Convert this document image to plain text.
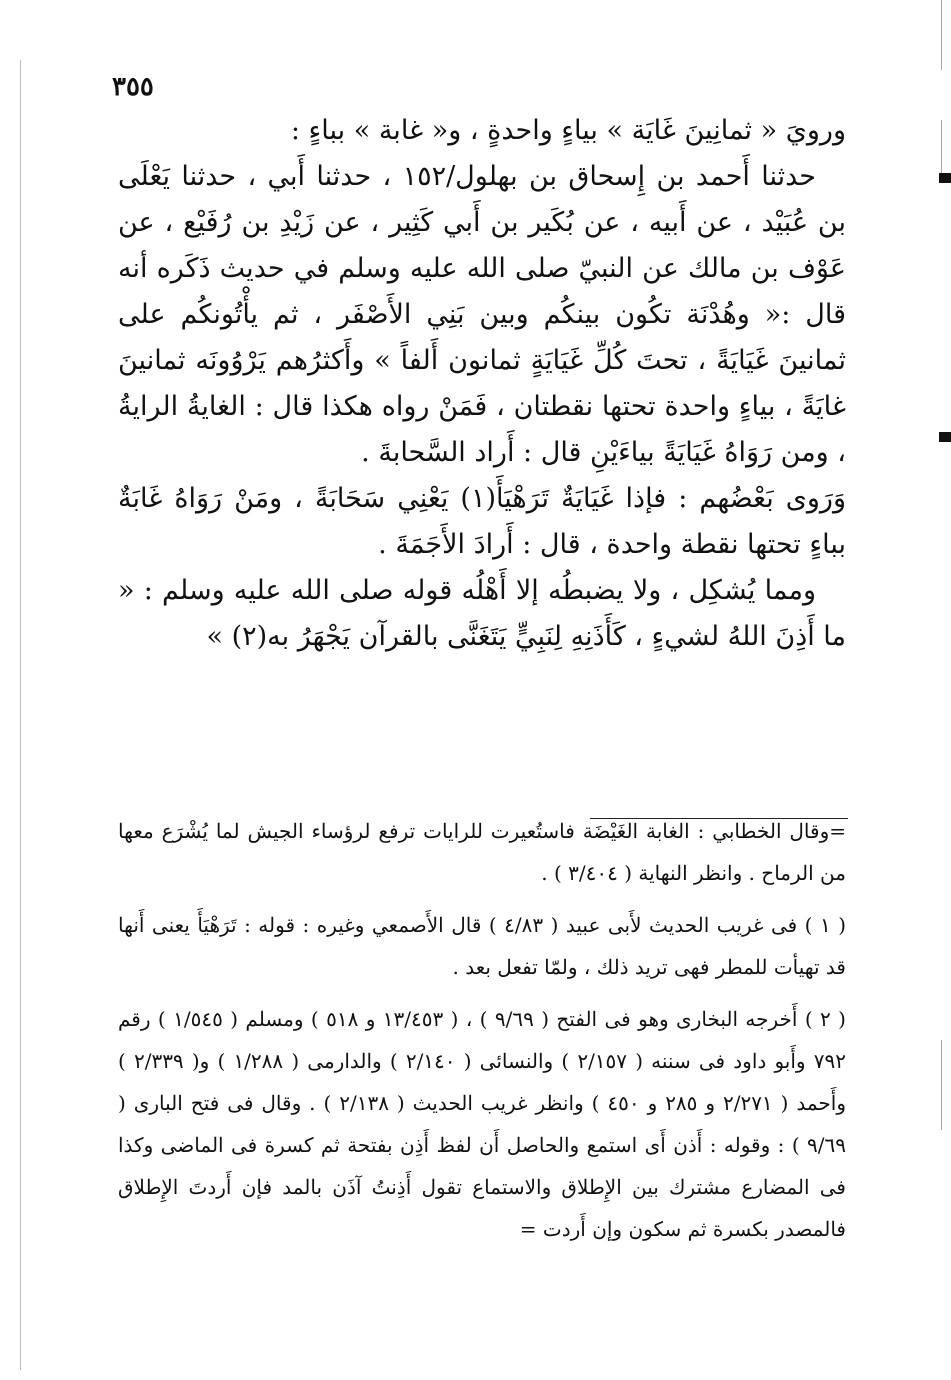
٣٥٥

ورويَ « ثمانِينَ غَايَة » بياءٍ واحدةٍ ، و« غابة » بباءٍ :

حدثنا أَحمد بن إِسحاق بن بهلول/١٥٢ ، حدثنا أَبي ، حدثنا يَعْلَى بن عُبَيْد ، عن أَبيه ، عن بُكَير بن أَبي كَثِير ، عن زَيْدِ بن رُفَيْع ، عن عَوْف بن مالك عن النبيّ صلى الله عليه وسلم في حديث ذَكَره أنه قال :« وهُدْنَة تكُون بينكُم وبين بَنِي الأَصْفَر ، ثم يأْتُونكُم على ثمانينَ غَيَايَةً ، تحتَ كُلِّ غَيَايَةٍ ثمانون أَلفاً » وأَكثرُهم يَرْوُونَه ثمانينَ غايَةً ، بياءٍ واحدة تحتها نقطتان ، فَمَنْ رواه هكذا قال : الغايةُ الرايةُ ، ومن رَوَاهُ غَيَايَةً بياءَيْنِ قال : أَراد السَّحابةَ .

وَرَوى بَعْضُهم : فإذا غَيَايَةٌ تَرَهْيَأَ(١) يَعْنِي سَحَابَةً ، ومَنْ رَوَاهُ غَابَةٌ بباءٍ تحتها نقطة واحدة ، قال : أَرادَ الأَجَمَةَ .

ومما يُشكِل ، ولا يضبطُه إلا أَهْلُه قوله صلى الله عليه وسلم : « ما أَذِنَ اللهُ لشيءٍ ، كَأَذَنِهِ لِنَبِيٍّ يَتَغَنَّى بالقرآن يَجْهَرُ به(٢) »

=وقال الخطابي : الغابة الغَيْضَة فاستُعيرت للرايات ترفع لرؤساء الجيش لما يُشْرَع معها من الرماح . وانظر النهاية ( ٣/٤٠٤ ) .

( ١ ) فى غريب الحديث لأَبى عبيد ( ٤/٨٣ ) قال الأَصمعي وغيره : قوله : تَرَهْيَأَ يعنى أَنها قد تهيأت للمطر فهى تريد ذلك ، ولمّا تفعل بعد .

( ٢ ) أَخرجه البخارى وهو فى الفتح ( ٩/٦٩ ) ، ( ١٣/٤٥٣ و ٥١٨ ) ومسلم ( ١/٥٤٥ ) رقم ٧٩٢ وأَبو داود فى سننه ( ٢/١٥٧ ) والنسائى ( ٢/١٤٠ ) والدارمى ( ١/٢٨٨ ) و( ٢/٣٣٩ ) وأَحمد ( ٢/٢٧١ و ٢٨٥ و ٤٥٠ ) وانظر غريب الحديث ( ٢/١٣٨ ) . وقال فى فتح البارى ( ٩/٦٩ ) : وقوله : أَذن أَى استمع والحاصل أَن لفظ أَذِن بفتحة ثم كسرة فى الماضى وكذا فى المضارع مشترك بين الإِطلاق والاستماع تقول أَذِنتُ آذَن بالمد فإن أَردتَ الإِطلاق فالمصدر بكسرة ثم سكون وإن أَردت =
